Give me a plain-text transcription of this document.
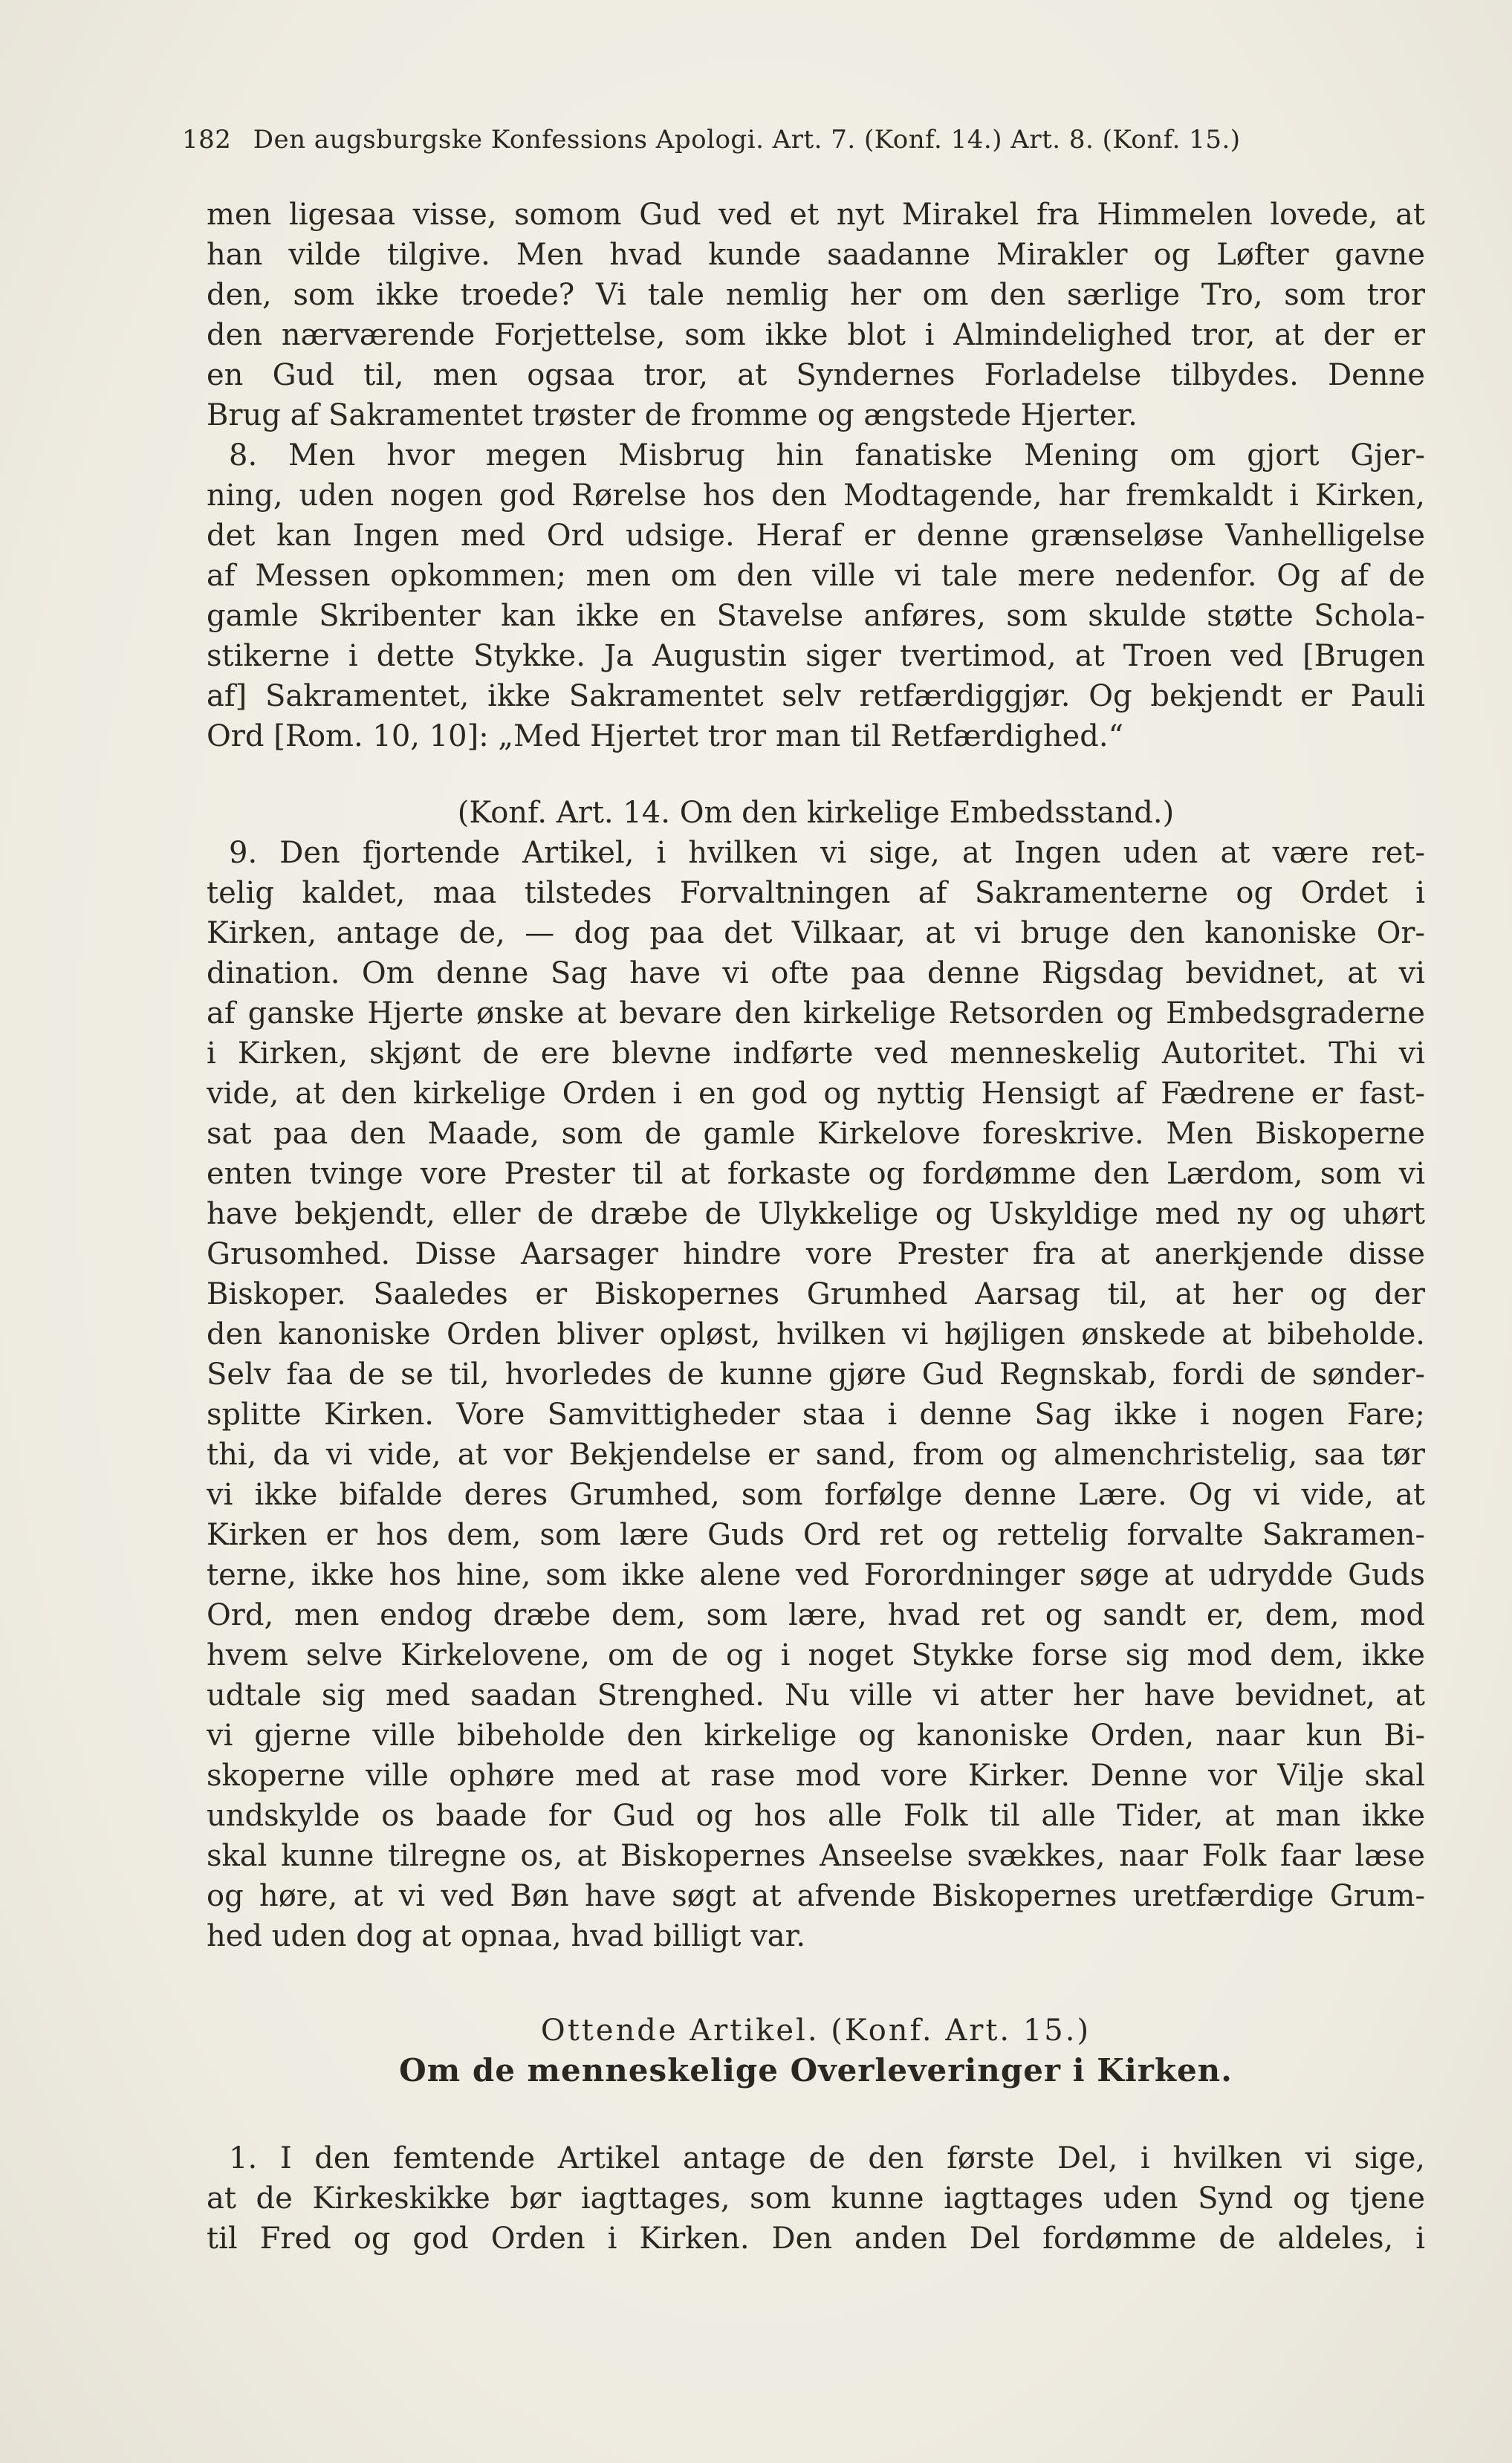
182 Den augsburgske Konfessions Apologi. Art. 7. (Konf. 14.) Art. 8. (Konf. 15.)
men ligesaa visse, somom Gud ved et nyt Mirakel fra Himmelen lovede, at
han vilde tilgive. Men hvad kunde saadanne Mirakler og Løfter gavne
den, som ikke troede? Vi tale nemlig her om den særlige Tro, som tror
den nærværende Forjettelse, som ikke blot i Almindelighed tror, at der er
en Gud til, men ogsaa tror, at Syndernes Forladelse tilbydes. Denne
Brug af Sakramentet trøster de fromme og ængstede Hjerter.
8. Men hvor megen Misbrug hin fanatiske Mening om gjort Gjer-
ning, uden nogen god Rørelse hos den Modtagende, har fremkaldt i Kirken,
det kan Ingen med Ord udsige. Heraf er denne grænseløse Vanhelligelse
af Messen opkommen; men om den ville vi tale mere nedenfor. Og af de
gamle Skribenter kan ikke en Stavelse anføres, som skulde støtte Schola-
stikerne i dette Stykke. Ja Augustin siger tvertimod, at Troen ved [Brugen
af] Sakramentet, ikke Sakramentet selv retfærdiggjør. Og bekjendt er Pauli
Ord [Rom. 10, 10]: „Med Hjertet tror man til Retfærdighed.“
(Konf. Art. 14. Om den kirkelige Embedsstand.)
9. Den fjortende Artikel, i hvilken vi sige, at Ingen uden at være ret-
telig kaldet, maa tilstedes Forvaltningen af Sakramenterne og Ordet i
Kirken, antage de, — dog paa det Vilkaar, at vi bruge den kanoniske Or-
dination. Om denne Sag have vi ofte paa denne Rigsdag bevidnet, at vi
af ganske Hjerte ønske at bevare den kirkelige Retsorden og Embedsgraderne
i Kirken, skjønt de ere blevne indførte ved menneskelig Autoritet. Thi vi
vide, at den kirkelige Orden i en god og nyttig Hensigt af Fædrene er fast-
sat paa den Maade, som de gamle Kirkelove foreskrive. Men Biskoperne
enten tvinge vore Prester til at forkaste og fordømme den Lærdom, som vi
have bekjendt, eller de dræbe de Ulykkelige og Uskyldige med ny og uhørt
Grusomhed. Disse Aarsager hindre vore Prester fra at anerkjende disse
Biskoper. Saaledes er Biskopernes Grumhed Aarsag til, at her og der
den kanoniske Orden bliver opløst, hvilken vi højligen ønskede at bibeholde.
Selv faa de se til, hvorledes de kunne gjøre Gud Regnskab, fordi de sønder-
splitte Kirken. Vore Samvittigheder staa i denne Sag ikke i nogen Fare;
thi, da vi vide, at vor Bekjendelse er sand, from og almenchristelig, saa tør
vi ikke bifalde deres Grumhed, som forfølge denne Lære. Og vi vide, at
Kirken er hos dem, som lære Guds Ord ret og rettelig forvalte Sakramen-
terne, ikke hos hine, som ikke alene ved Forordninger søge at udrydde Guds
Ord, men endog dræbe dem, som lære, hvad ret og sandt er, dem, mod
hvem selve Kirkelovene, om de og i noget Stykke forse sig mod dem, ikke
udtale sig med saadan Strenghed. Nu ville vi atter her have bevidnet, at
vi gjerne ville bibeholde den kirkelige og kanoniske Orden, naar kun Bi-
skoperne ville ophøre med at rase mod vore Kirker. Denne vor Vilje skal
undskylde os baade for Gud og hos alle Folk til alle Tider, at man ikke
skal kunne tilregne os, at Biskopernes Anseelse svækkes, naar Folk faar læse
og høre, at vi ved Bøn have søgt at afvende Biskopernes uretfærdige Grum-
hed uden dog at opnaa, hvad billigt var.
Ottende Artikel. (Konf. Art. 15.)
Om de menneskelige Overleveringer i Kirken.
1. I den femtende Artikel antage de den første Del, i hvilken vi sige,
at de Kirkeskikke bør iagttages, som kunne iagttages uden Synd og tjene
til Fred og god Orden i Kirken. Den anden Del fordømme de aldeles, i
